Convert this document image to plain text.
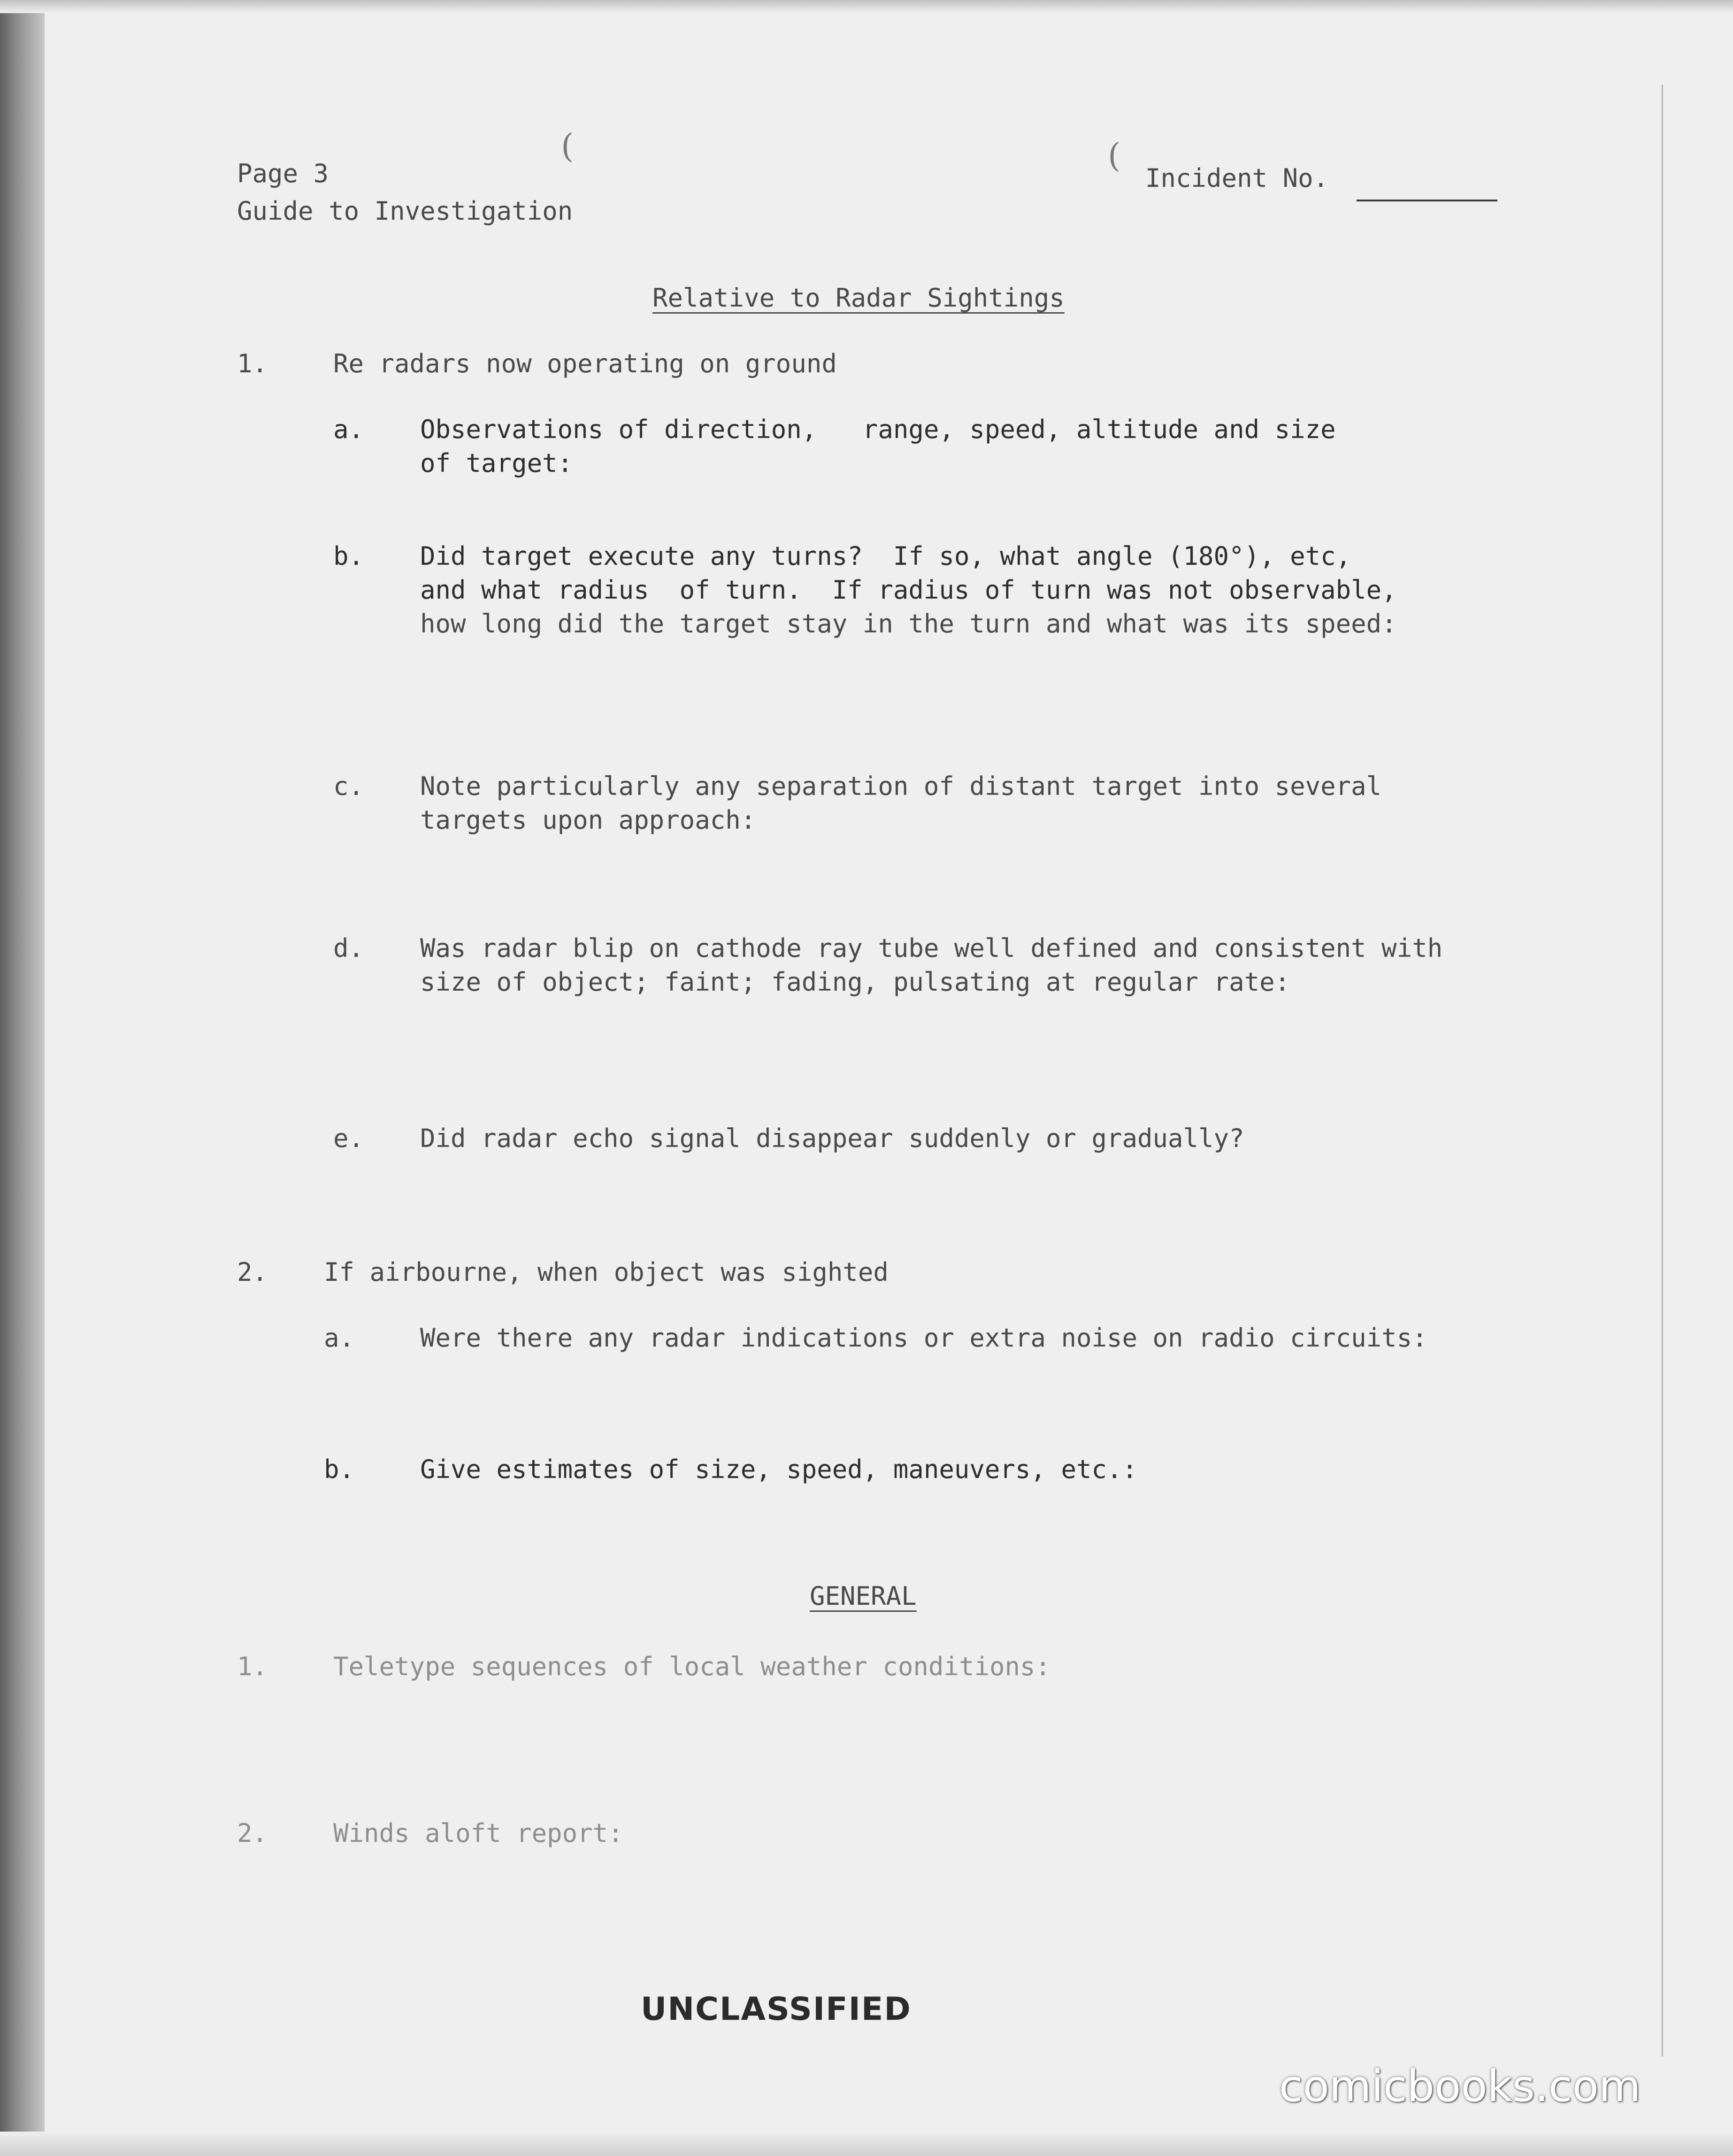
(	(

Page 3

Guide to Investigation

Incident No.

Relative to Radar Sightings

1.	Re radars now operating on ground

a. Observations of direction,   range, speed, altitude and size

of target:

b. Did target execute any turns?  If so, what angle (180°), etc,

and what radius  of turn.  If radius of turn was not observable,

how long did the target stay in the turn and what was its speed:

c. Note particularly any separation of distant target into several

targets upon approach:

d. Was radar blip on cathode ray tube well defined and consistent with

size of object; faint; fading, pulsating at regular rate:

e. Did radar echo signal disappear suddenly or gradually?

2. If airbourne, when object was sighted

a.	Were there any radar indications or extra noise on radio circuits:

b.	Give estimates of size, speed, maneuvers, etc.:

GENERAL

1.	Teletype sequences of local weather conditions:

2.	Winds aloft report:

UNCLASSIFIED
comicbooks.com
